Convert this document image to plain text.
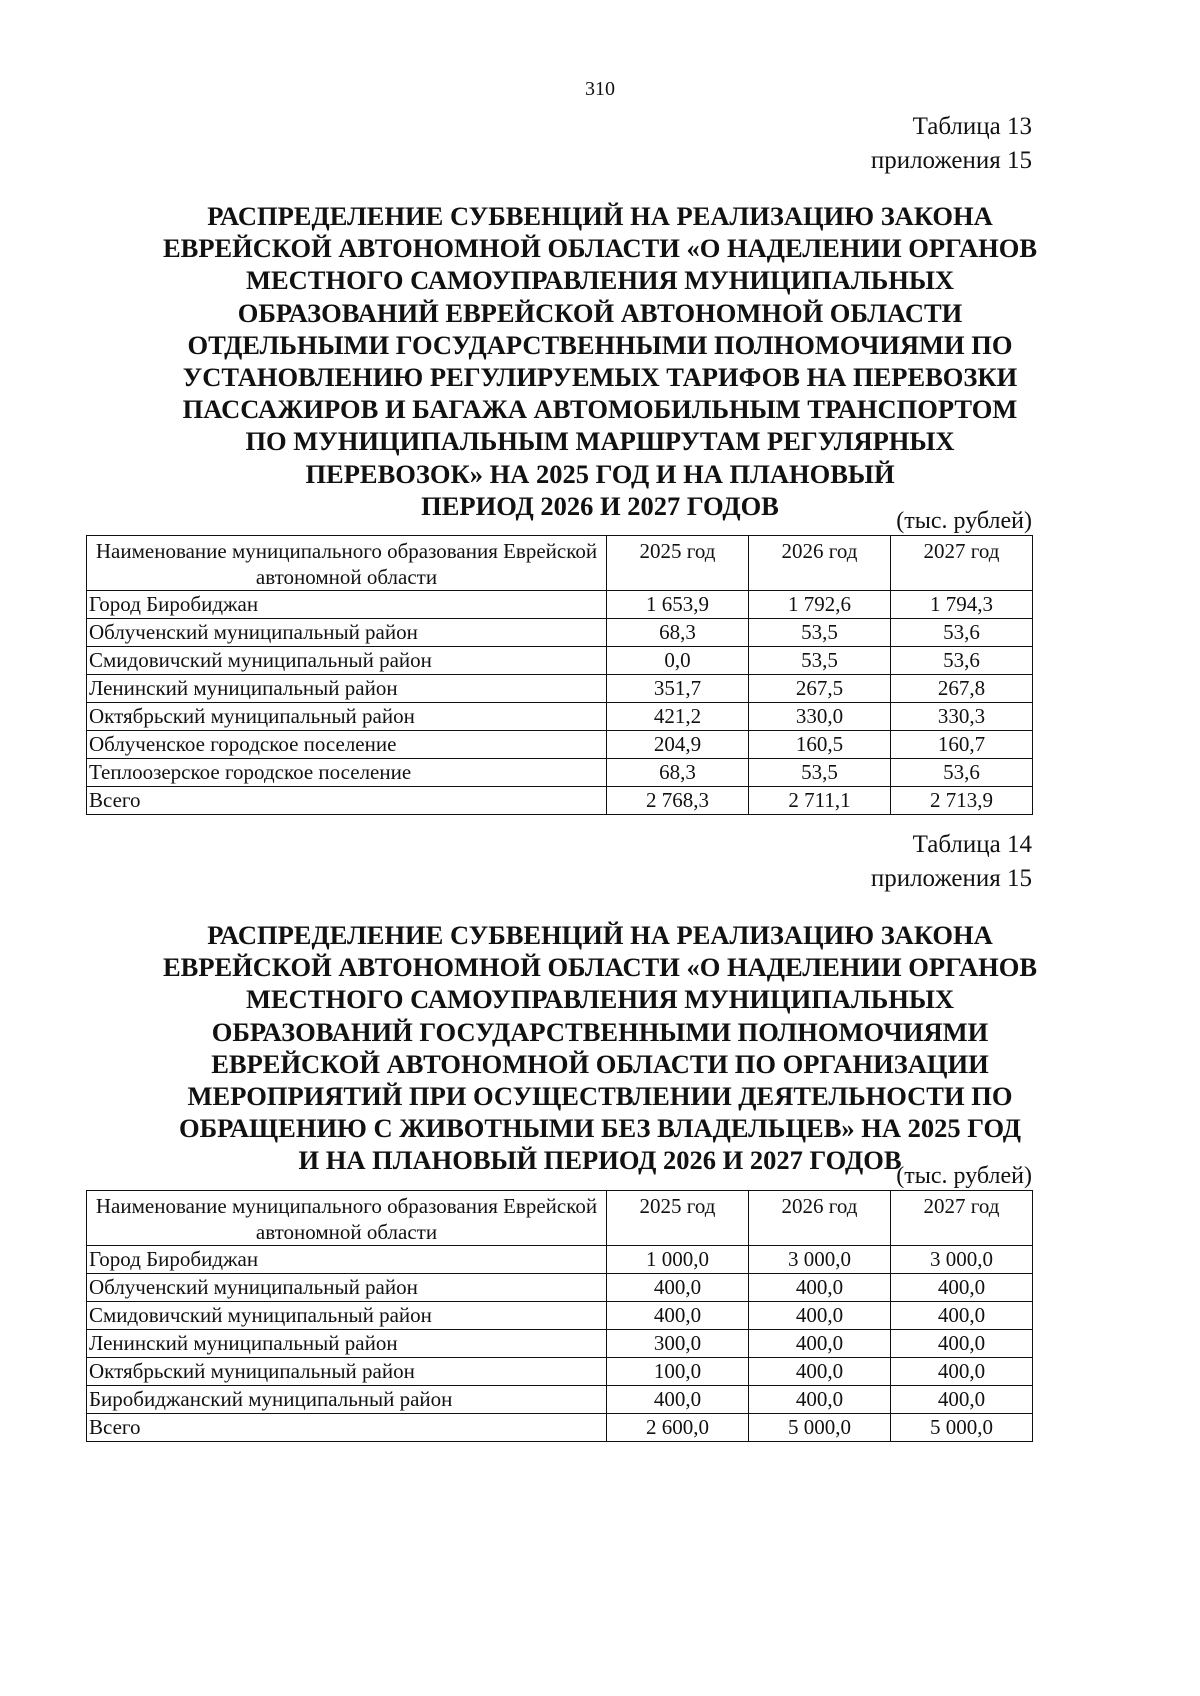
310
Таблица 13
приложения 15
РАСПРЕДЕЛЕНИЕ СУБВЕНЦИЙ НА РЕАЛИЗАЦИЮ ЗАКОНА
ЕВРЕЙСКОЙ АВТОНОМНОЙ ОБЛАСТИ «О НАДЕЛЕНИИ ОРГАНОВ
МЕСТНОГО САМОУПРАВЛЕНИЯ МУНИЦИПАЛЬНЫХ
ОБРАЗОВАНИЙ ЕВРЕЙСКОЙ АВТОНОМНОЙ ОБЛАСТИ
ОТДЕЛЬНЫМИ ГОСУДАРСТВЕННЫМИ ПОЛНОМОЧИЯМИ ПО
УСТАНОВЛЕНИЮ РЕГУЛИРУЕМЫХ ТАРИФОВ НА ПЕРЕВОЗКИ
ПАССАЖИРОВ И БАГАЖА АВТОМОБИЛЬНЫМ ТРАНСПОРТОМ
ПО МУНИЦИПАЛЬНЫМ МАРШРУТАМ РЕГУЛЯРНЫХ
ПЕРЕВОЗОК» НА 2025 ГОД И НА ПЛАНОВЫЙ
ПЕРИОД 2026 И 2027 ГОДОВ
(тыс. рублей)
Наименование муниципального образования Еврейской автономной области	2025 год	2026 год	2027 год
Город Биробиджан	1 653,9	1 792,6	1 794,3
Облученский муниципальный район	68,3	53,5	53,6
Смидовичский муниципальный район	0,0	53,5	53,6
Ленинский муниципальный район	351,7	267,5	267,8
Октябрьский муниципальный район	421,2	330,0	330,3
Облученское городское поселение	204,9	160,5	160,7
Теплоозерское городское поселение	68,3	53,5	53,6
Всего	2 768,3	2 711,1	2 713,9
Таблица 14
приложения 15
РАСПРЕДЕЛЕНИЕ СУБВЕНЦИЙ НА РЕАЛИЗАЦИЮ ЗАКОНА
ЕВРЕЙСКОЙ АВТОНОМНОЙ ОБЛАСТИ «О НАДЕЛЕНИИ ОРГАНОВ
МЕСТНОГО САМОУПРАВЛЕНИЯ МУНИЦИПАЛЬНЫХ
ОБРАЗОВАНИЙ ГОСУДАРСТВЕННЫМИ ПОЛНОМОЧИЯМИ
ЕВРЕЙСКОЙ АВТОНОМНОЙ ОБЛАСТИ ПО ОРГАНИЗАЦИИ
МЕРОПРИЯТИЙ ПРИ ОСУЩЕСТВЛЕНИИ ДЕЯТЕЛЬНОСТИ ПО
ОБРАЩЕНИЮ С ЖИВОТНЫМИ БЕЗ ВЛАДЕЛЬЦЕВ» НА 2025 ГОД
И НА ПЛАНОВЫЙ ПЕРИОД 2026 И 2027 ГОДОВ
(тыс. рублей)
Наименование муниципального образования Еврейской автономной области	2025 год	2026 год	2027 год
Город Биробиджан	1 000,0	3 000,0	3 000,0
Облученский муниципальный район	400,0	400,0	400,0
Смидовичский муниципальный район	400,0	400,0	400,0
Ленинский муниципальный район	300,0	400,0	400,0
Октябрьский муниципальный район	100,0	400,0	400,0
Биробиджанский муниципальный район	400,0	400,0	400,0
Всего	2 600,0	5 000,0	5 000,0
